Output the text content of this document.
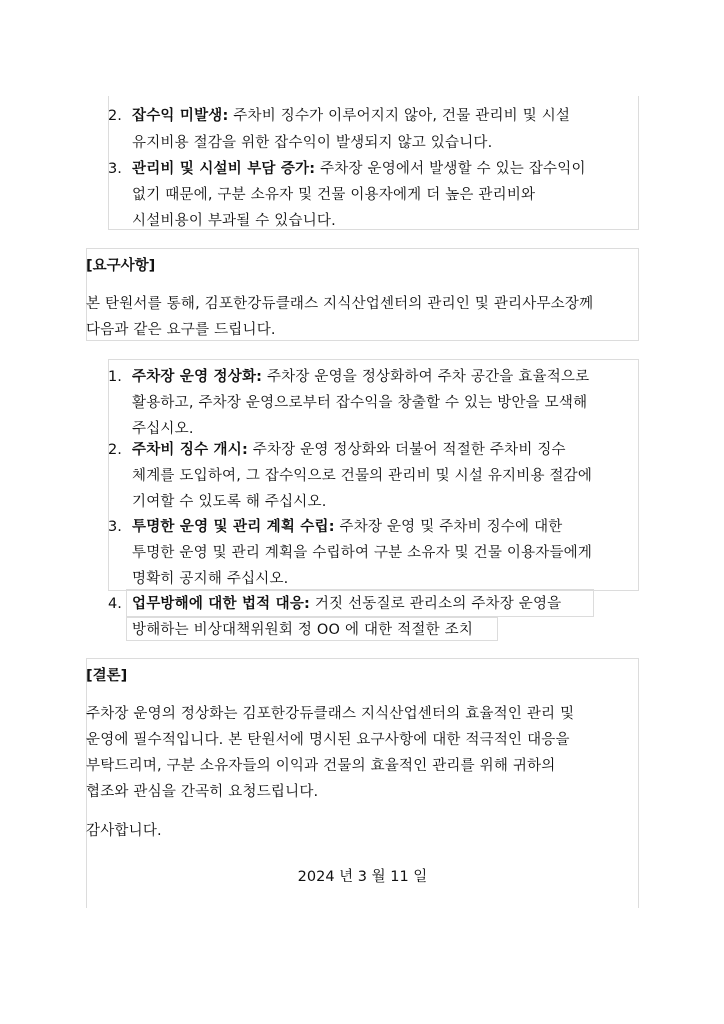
2. 잡수익 미발생: 주차비 징수가 이루어지지 않아, 건물 관리비 및 시설
유지비용 절감을 위한 잡수익이 발생되지 않고 있습니다.
3. 관리비 및 시설비 부담 증가: 주차장 운영에서 발생할 수 있는 잡수익이
없기 때문에, 구분 소유자 및 건물 이용자에게 더 높은 관리비와
시설비용이 부과될 수 있습니다.
[요구사항]
본 탄원서를 통해, 김포한강듀클래스 지식산업센터의 관리인 및 관리사무소장께
다음과 같은 요구를 드립니다.
1. 주차장 운영 정상화: 주차장 운영을 정상화하여 주차 공간을 효율적으로
활용하고, 주차장 운영으로부터 잡수익을 창출할 수 있는 방안을 모색해
주십시오.
2. 주차비 징수 개시: 주차장 운영 정상화와 더불어 적절한 주차비 징수
체계를 도입하여, 그 잡수익으로 건물의 관리비 및 시설 유지비용 절감에
기여할 수 있도록 해 주십시오.
3. 투명한 운영 및 관리 계획 수립: 주차장 운영 및 주차비 징수에 대한
투명한 운영 및 관리 계획을 수립하여 구분 소유자 및 건물 이용자들에게
명확히 공지해 주십시오.
4. 업무방해에 대한 법적 대응: 거짓 선동질로 관리소의 주차장 운영을
방해하는 비상대책위원회 정 OO 에 대한 적절한 조치
[결론]
주차장 운영의 정상화는 김포한강듀클래스 지식산업센터의 효율적인 관리 및
운영에 필수적입니다. 본 탄원서에 명시된 요구사항에 대한 적극적인 대응을
부탁드리며, 구분 소유자들의 이익과 건물의 효율적인 관리를 위해 귀하의
협조와 관심을 간곡히 요청드립니다.
감사합니다.
2024 년 3 월 11 일
